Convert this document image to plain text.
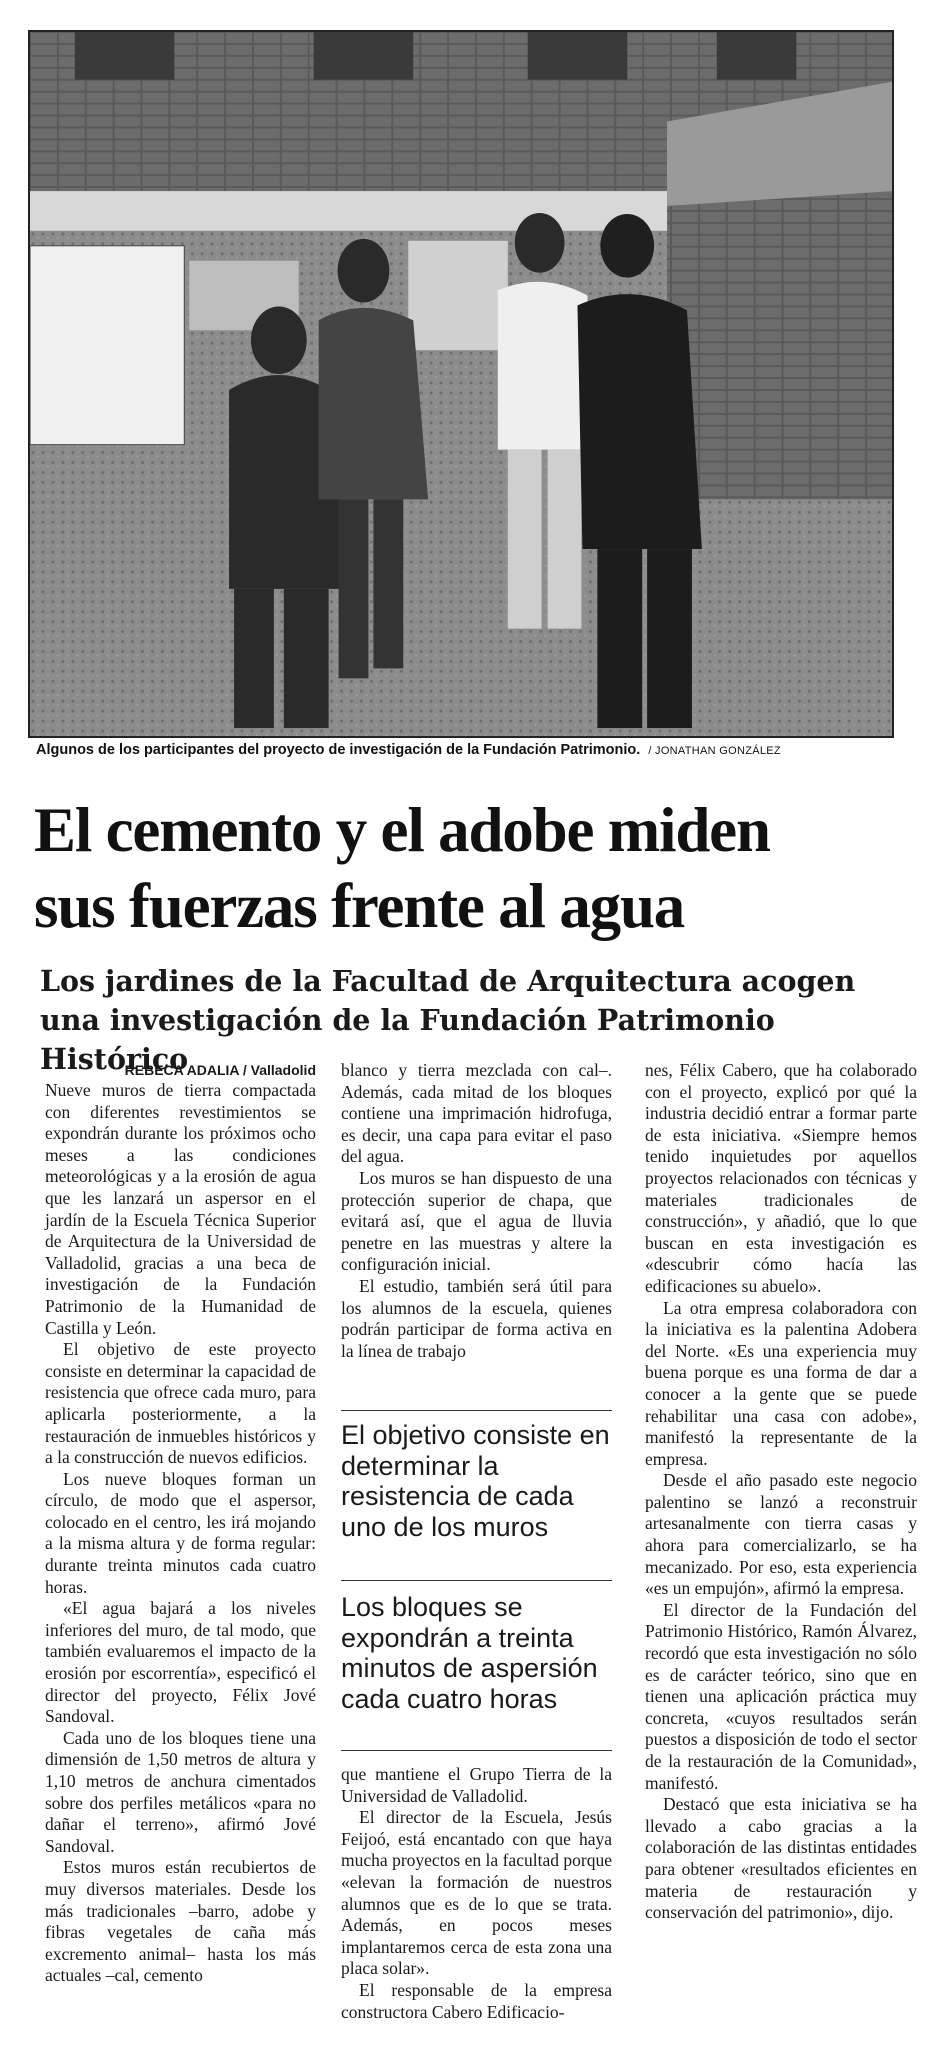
Algunos de los participantes del proyecto de investigación de la Fundación Patrimonio. / JONATHAN GONZÁLEZ
El cemento y el adobe miden
sus fuerzas frente al agua
Los jardines de la Facultad de Arquitectura acogen
una investigación de la Fundación Patrimonio Histórico

REBECA ADALIA / Valladolid

Nueve muros de tierra compactada con diferentes revestimientos se expondrán durante los próximos ocho meses a las condiciones meteorológicas y a la erosión de agua que les lanzará un aspersor en el jardín de la Escuela Técnica Superior de Arquitectura de la Universidad de Valladolid, gracias a una beca de investigación de la Fundación Patrimonio de la Humanidad de Castilla y León.

El objetivo de este proyecto consiste en determinar la capacidad de resistencia que ofrece cada muro, para aplicarla posteriormente, a la restauración de inmuebles históricos y a la construcción de nuevos edificios.

Los nueve bloques forman un círculo, de modo que el aspersor, colocado en el centro, les irá mojando a la misma altura y de forma regular: durante treinta minutos cada cuatro horas.

«El agua bajará a los niveles inferiores del muro, de tal modo, que también evaluaremos el impacto de la erosión por escorrentía», especificó el director del proyecto, Félix Jové Sandoval.

Cada uno de los bloques tiene una dimensión de 1,50 metros de altura y 1,10 metros de anchura cimentados sobre dos perfiles metálicos «para no dañar el terreno», afirmó Jové Sandoval.

Estos muros están recubiertos de muy diversos materiales. Desde los más tradicionales –barro, adobe y fibras vegetales de caña más excremento animal– hasta los más actuales –cal, cemento

blanco y tierra mezclada con cal–. Además, cada mitad de los bloques contiene una imprimación hidrofuga, es decir, una capa para evitar el paso del agua.

Los muros se han dispuesto de una protección superior de chapa, que evitará así, que el agua de lluvia penetre en las muestras y altere la configuración inicial.

El estudio, también será útil para los alumnos de la escuela, quienes podrán participar de forma activa en la línea de trabajo

El objetivo consiste en determinar la resistencia de cada uno de los muros
Los bloques se expondrán a treinta minutos de aspersión cada cuatro horas

que mantiene el Grupo Tierra de la Universidad de Valladolid.

El director de la Escuela, Jesús Feijoó, está encantado con que haya mucha proyectos en la facultad porque «elevan la formación de nuestros alumnos que es de lo que se trata. Además, en pocos meses implantaremos cerca de esta zona una placa solar».

El responsable de la empresa constructora Cabero Edificacio-

nes, Félix Cabero, que ha colaborado con el proyecto, explicó por qué la industria decidió entrar a formar parte de esta iniciativa. «Siempre hemos tenido inquietudes por aquellos proyectos relacionados con técnicas y materiales tradicionales de construcción», y añadió, que lo que buscan en esta investigación es «descubrir cómo hacía las edificaciones su abuelo».

La otra empresa colaboradora con la iniciativa es la palentina Adobera del Norte. «Es una experiencia muy buena porque es una forma de dar a conocer a la gente que se puede rehabilitar una casa con adobe», manifestó la representante de la empresa.

Desde el año pasado este negocio palentino se lanzó a reconstruir artesanalmente con tierra casas y ahora para comercializarlo, se ha mecanizado. Por eso, esta experiencia «es un empujón», afirmó la empresa.

El director de la Fundación del Patrimonio Histórico, Ramón Álvarez, recordó que esta investigación no sólo es de carácter teórico, sino que en tienen una aplicación práctica muy concreta, «cuyos resultados serán puestos a disposición de todo el sector de la restauración de la Comunidad», manifestó.

Destacó que esta iniciativa se ha llevado a cabo gracias a la colaboración de las distintas entidades para obtener «resultados eficientes en materia de restauración y conservación del patrimonio», dijo.
